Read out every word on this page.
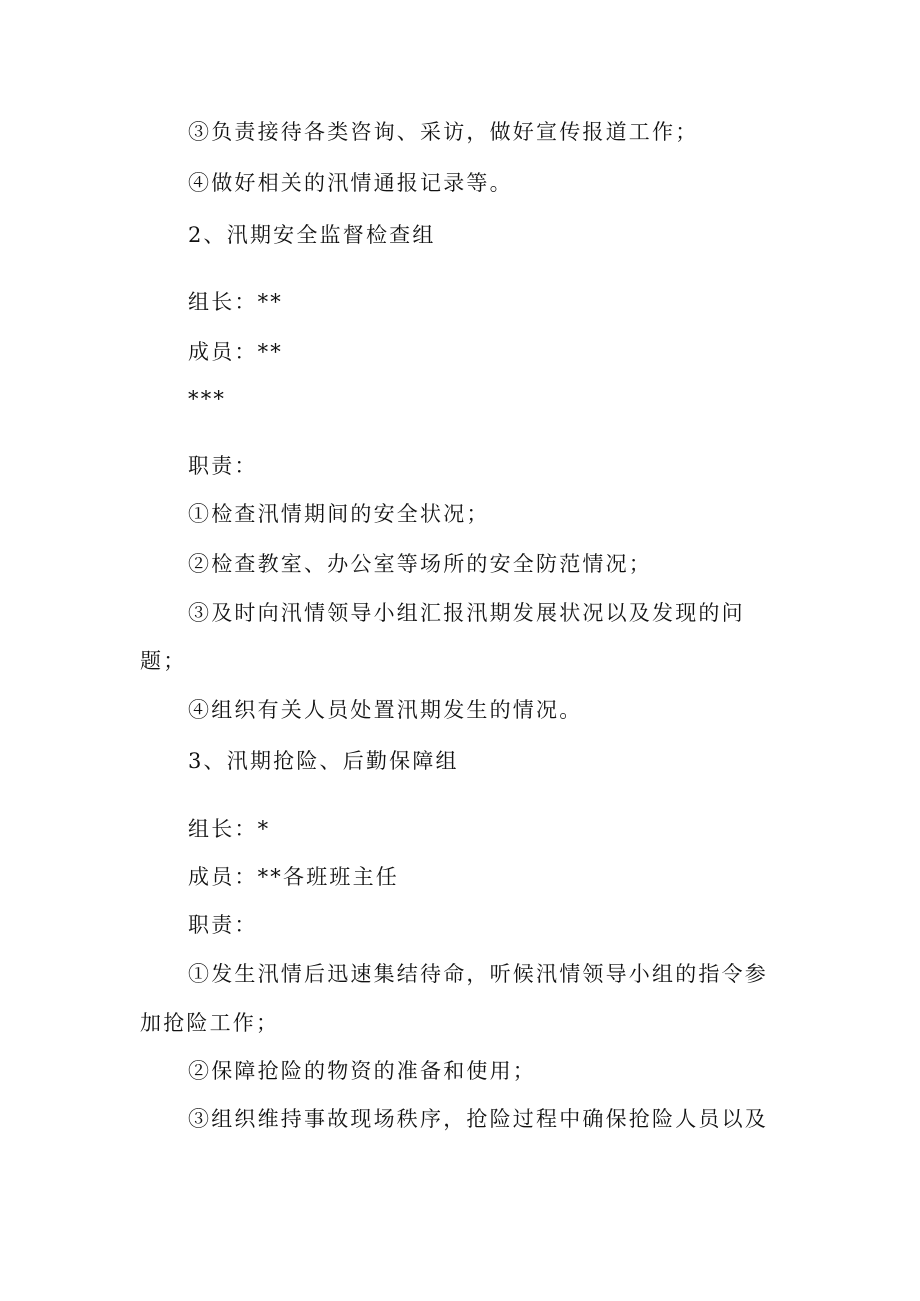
③负责接待各类咨询、采访，做好宣传报道工作；
④做好相关的汛情通报记录等。
2、汛期安全监督检查组
组长：**
成员：**
***
职责：
①检查汛情期间的安全状况；
②检查教室、办公室等场所的安全防范情况；
③及时向汛情领导小组汇报汛期发展状况以及发现的问
题；
④组织有关人员处置汛期发生的情况。
3、汛期抢险、后勤保障组
组长：*
成员：**各班班主任
职责：
①发生汛情后迅速集结待命，听候汛情领导小组的指令参
加抢险工作；
②保障抢险的物资的准备和使用；
③组织维持事故现场秩序，抢险过程中确保抢险人员以及
